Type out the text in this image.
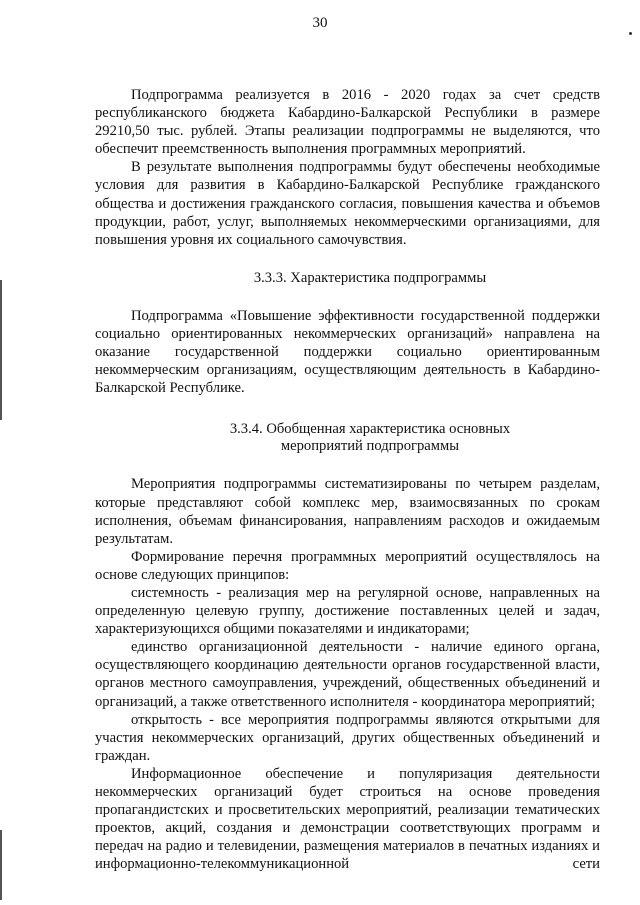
30

Подпрограмма реализуется в 2016 - 2020 годах за счет средств республиканского бюджета Кабардино-Балкарской Республики в размере 29210,50 тыс. рублей. Этапы реализации подпрограммы не выделяются, что обеспечит преемственность выполнения программных мероприятий.

В результате выполнения подпрограммы будут обеспечены необходимые условия для развития в Кабардино-Балкарской Республике гражданского общества и достижения гражданского согласия, повышения качества и объемов продукции, работ, услуг, выполняемых некоммерческими организациями, для повышения уровня их социального самочувствия.

3.3.3. Характеристика подпрограммы

Подпрограмма «Повышение эффективности государственной поддержки социально ориентированных некоммерческих организаций» направлена на оказание государственной поддержки социально ориентированным некоммерческим организациям, осуществляющим деятельность в Кабардино-Балкарской Республике.

3.3.4. Обобщенная характеристика основных
мероприятий подпрограммы

Мероприятия подпрограммы систематизированы по четырем разделам, которые представляют собой комплекс мер, взаимосвязанных по срокам исполнения, объемам финансирования, направлениям расходов и ожидаемым результатам.

Формирование перечня программных мероприятий осуществлялось на основе следующих принципов:

системность - реализация мер на регулярной основе, направленных на определенную целевую группу, достижение поставленных целей и задач, характеризующихся общими показателями и индикаторами;

единство организационной деятельности - наличие единого органа, осуществляющего координацию деятельности органов государственной власти, органов местного самоуправления, учреждений, общественных объединений и организаций, а также ответственного исполнителя - координатора мероприятий;

открытость - все мероприятия подпрограммы являются открытыми для участия некоммерческих организаций, других общественных объединений и граждан.

Информационное обеспечение и популяризация деятельности некоммерческих организаций будет строиться на основе проведения пропагандистских и просветительских мероприятий, реализации тематических проектов, акций, создания и демонстрации соответствующих программ и передач на радио и телевидении, размещения материалов в печатных изданиях и информационно-телекоммуникационной сети
